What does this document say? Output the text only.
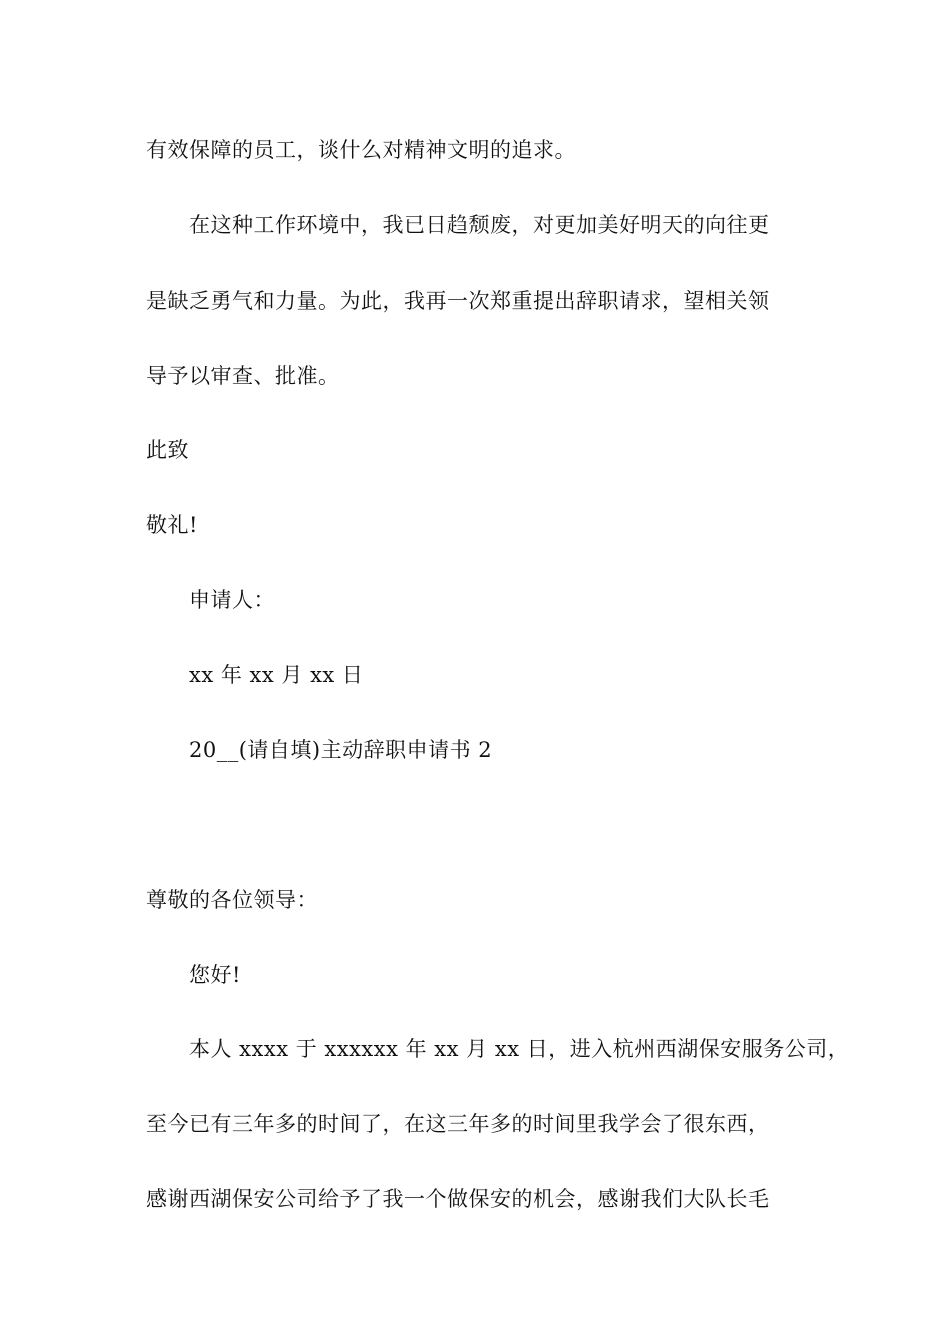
有效保障的员工，谈什么对精神文明的追求。
在这种工作环境中，我已日趋颓废，对更加美好明天的向往更
是缺乏勇气和力量。为此，我再一次郑重提出辞职请求，望相关领
导予以审查、批准。
此致
敬礼!
申请人：
xx 年 xx 月 xx 日
20__(请自填)主动辞职申请书 2
尊敬的各位领导：
您好!
本人 xxxx 于 xxxxxx 年 xx 月 xx 日，进入杭州西湖保安服务公司，
至今已有三年多的时间了，在这三年多的时间里我学会了很东西，
感谢西湖保安公司给予了我一个做保安的机会，感谢我们大队长毛
